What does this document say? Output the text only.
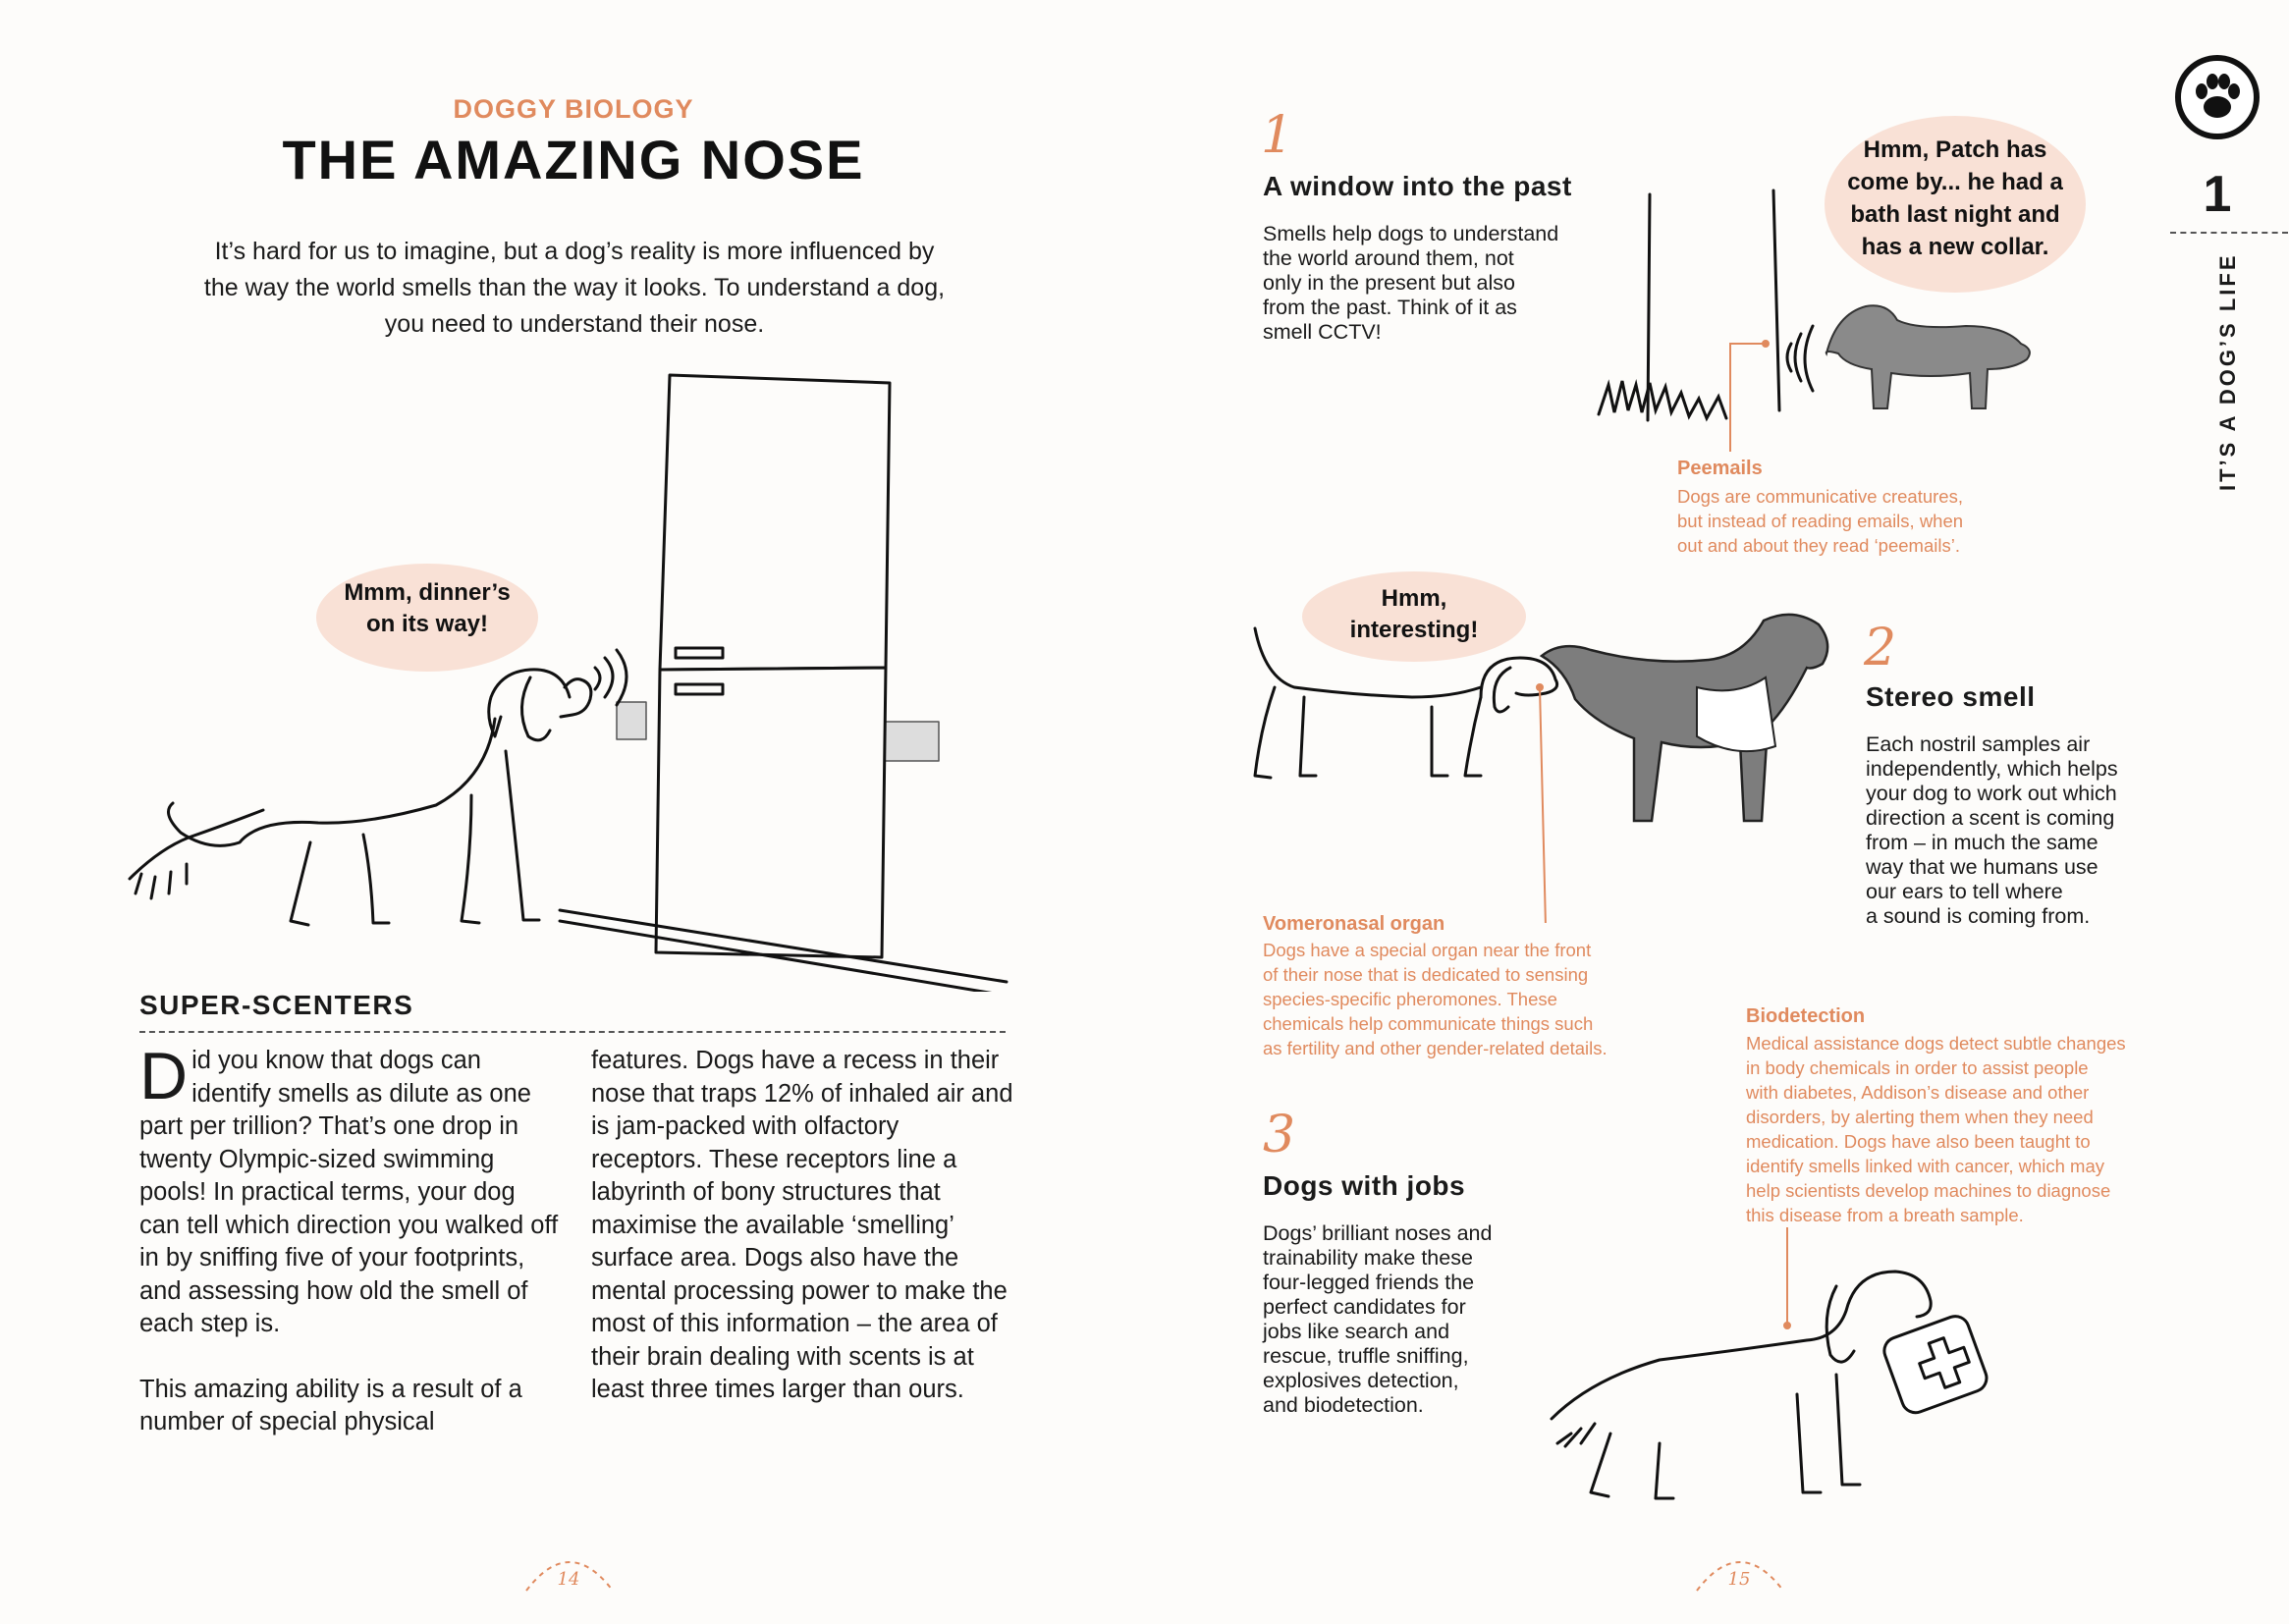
DOGGY BIOLOGY
THE AMAZING NOSE
It’s hard for us to imagine, but a dog’s reality is more influenced by
the way the world smells than the way it looks. To understand a dog,
you need to understand their nose.
Mmm, dinner’s
on its way!
SUPER-SCENTERS
Did you know that dogs can identify smells as dilute as one part per trillion? That’s one drop in twenty Olympic-sized swimming pools! In practical terms, your dog can tell which direction you walked off in by sniffing five of your footprints, and assessing how old the smell of each step is.
This amazing ability is a result of a number of special physical
features. Dogs have a recess in their nose that traps 12% of inhaled air and is jam-packed with olfactory receptors. These receptors line a labyrinth of bony structures that maximise the available ‘smelling’ surface area. Dogs also have the mental processing power to make the most of this information – the area of their brain dealing with scents is at least three times larger than ours.
14
1
IT’S A DOG’S LIFE
1
A window into the past
Smells help dogs to understand
the world around them, not
only in the present but also
from the past. Think of it as
smell CCTV!
Hmm, Patch has
come by... he had a
bath last night and
has a new collar.
Peemails
Dogs are communicative creatures,
but instead of reading emails, when
out and about they read ‘peemails’.
Hmm,
interesting!	2
Stereo smell
Each nostril samples air
independently, which helps
your dog to work out which
direction a scent is coming
from – in much the same
way that we humans use
our ears to tell where
a sound is coming from.
Vomeronasal organ
Dogs have a special organ near the front
of their nose that is dedicated to sensing
species-specific pheromones. These
chemicals help communicate things such
as fertility and other gender-related details.
Biodetection
Medical assistance dogs detect subtle changes
in body chemicals in order to assist people
with diabetes, Addison’s disease and other
disorders, by alerting them when they need
medication. Dogs have also been taught to
identify smells linked with cancer, which may
help scientists develop machines to diagnose
this disease from a breath sample.
3
Dogs with jobs
Dogs’ brilliant noses and
trainability make these
four-legged friends the
perfect candidates for
jobs like search and
rescue, truffle sniffing,
explosives detection,
and biodetection.
15
